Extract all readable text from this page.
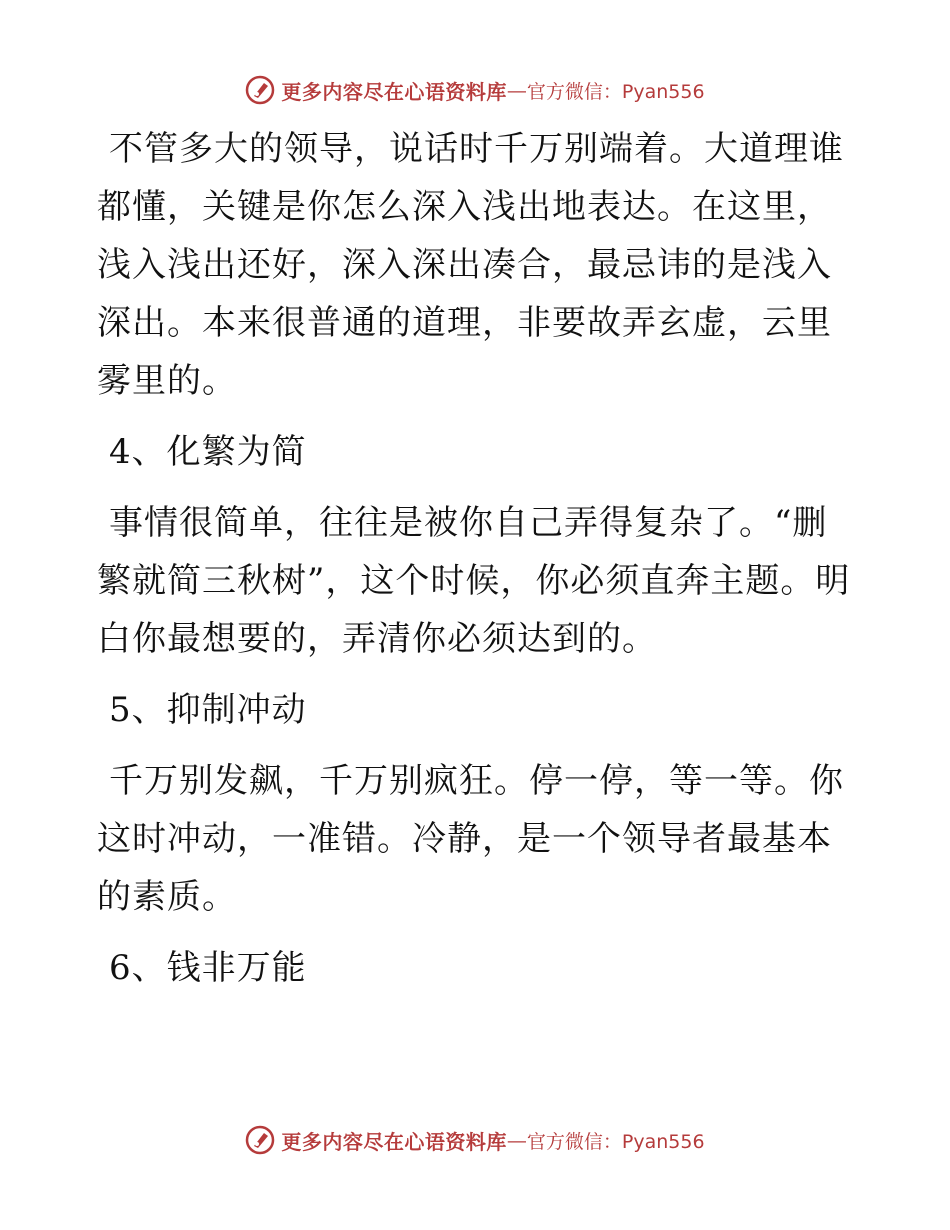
更多内容尽在心语资料库 — 官方微信：Pyan556

不管多大的领导，说话时千万别端着。大道理谁都懂，关键是你怎么深入浅出地表达。在这里，浅入浅出还好，深入深出凑合，最忌讳的是浅入深出。本来很普通的道理，非要故弄玄虚，云里雾里的。

4、化繁为简

事情很简单，往往是被你自己弄得复杂了。“删繁就简三秋树”，这个时候，你必须直奔主题。明白你最想要的，弄清你必须达到的。

5、抑制冲动

千万别发飙，千万别疯狂。停一停，等一等。你这时冲动，一准错。冷静，是一个领导者最基本的素质。

6、钱非万能

更多内容尽在心语资料库 — 官方微信：Pyan556
